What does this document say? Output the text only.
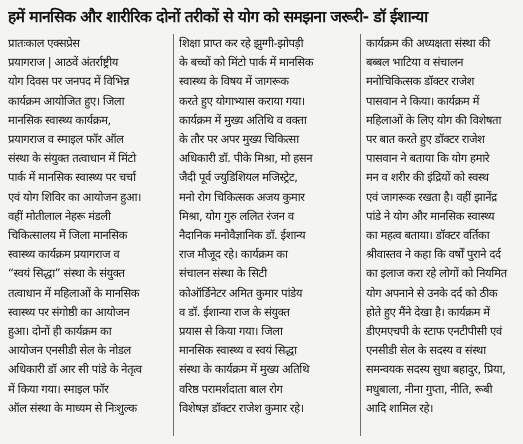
हमें मानसिक और शारीरिक दोनों तरीकों से योग को समझना जरूरी- डॉ ईशान्या
प्रातःकाल एक्सप्रेस
प्रयागराज | आठवें अंतर्राष्ट्रीय
योग दिवस पर जनपद में विभिन्न
कार्यक्रम आयोजित हुए। जिला
मानसिक स्वास्थ्य कार्यक्रम,
प्रयागराज व स्माइल फॉर ऑल
संस्था के संयुक्त तत्वाधान में मिंटो
पार्क में मानसिक स्वास्थ्य पर चर्चा
एवं योग शिविर का आयोजन हुआ।
वहीं मोतीलाल नेहरू मंडली
चिकित्सालय में जिला मानसिक
स्वास्थ्य कार्यक्रम प्रयागराज व
“स्वयं सिद्धा” संस्था के संयुक्त
तत्वाधान में महिलाओं के मानसिक
स्वास्थ्य पर संगोष्ठी का आयोजन
हुआ। दोनों ही कार्यक्रम का
आयोजन एनसीडी सेल के नोडल
अधिकारी डॉ आर सी पांडे के नेतृत्व
में किया गया। स्माइल फॉर
ऑल संस्था के माध्यम से निःशुल्क
शिक्षा प्राप्त कर रहे झुग्गी-झोपड़ी
के बच्चों को मिंटो पार्क में मानसिक
स्वास्थ्य के विषय में जागरूक
करते हुए योगाभ्यास कराया गया।
कार्यक्रम में मुख्य अतिथि व वक्ता
के तौर पर अपर मुख्य चिकित्सा
अधिकारी डॉ. पीके मिश्रा, मो हसन
जैदी पूर्व ज्युडिशियल मजिस्ट्रेट,
मनो रोग चिकित्सक अजय कुमार
मिश्रा, योग गुरु ललित रंजन व
नैदानिक मनोवैज्ञानिक डॉ. ईशान्य
राज मौजूद रहे। कार्यक्रम का
संचालन संस्था के सिटी
कोऑर्डिनेटर अमित कुमार पांडेय
व डॉ. ईशान्या राज के संयुक्त
प्रयास से किया गया। जिला
मानसिक स्वास्थ्य व स्वयं सिद्धा
संस्था के कार्यक्रम में मुख्य अतिथि
वरिष्ठ परामर्शदाता बाल रोग
विशेषज्ञ डॉक्टर राजेश कुमार रहे।
कार्यक्रम की अध्यक्षता संस्था की
बब्बल भाटिया व संचालन
मनोचिकित्सक डॉक्टर राजेश
पासवान ने किया। कार्यक्रम में
महिलाओं के लिए योग की विशेषता
पर बात करते हुए डॉक्टर राजेश
पासवान ने बताया कि योग हमारे
मन व शरीर की इंद्रियों को स्वस्थ
एवं जागरूक रखता है। वहीं झानेंद्र
पांडे ने योग और मानसिक स्वास्थ्य
का महत्व बताया। डॉक्टर वर्तिका
श्रीवास्तव ने कहा कि वर्षों पुराने दर्द
का इलाज करा रहे लोगों को नियमित
योग अपनाने से उनके दर्द को ठीक
होते हुए मैंने देखा है। कार्यक्रम में
डीएमएचपी के स्टाफ एनटीपीसी एवं
एनसीडी सेल के सदस्य व संस्था
समन्वयक सदस्य सुधा बहादुर, प्रिया,
मधुबाला, नीना गुप्ता, नीति, रूबी
आदि शामिल रहे।
